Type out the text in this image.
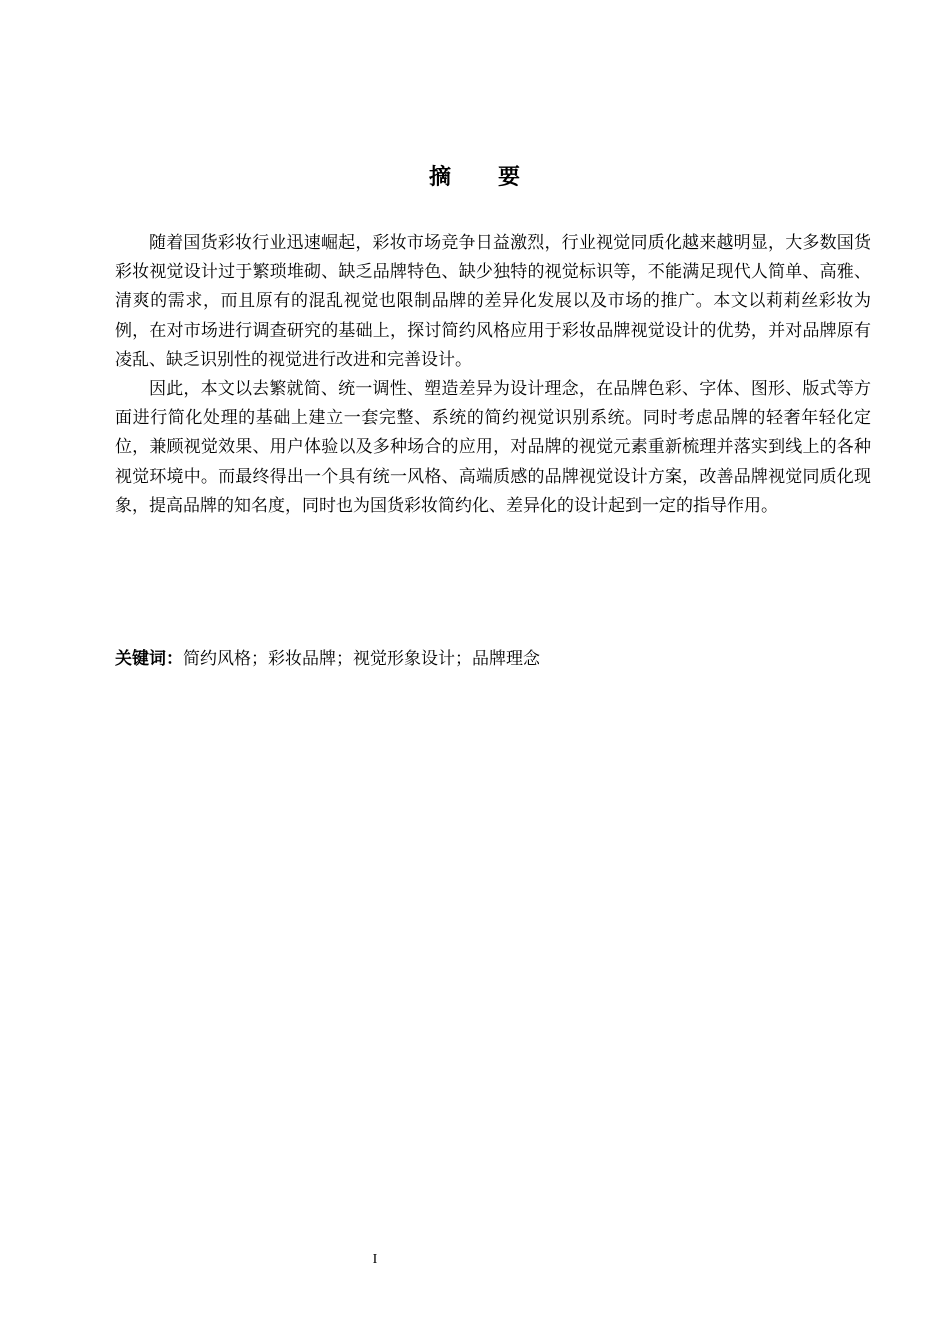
摘 要

随着国货彩妆行业迅速崛起，彩妆市场竞争日益激烈，行业视觉同质化越来越明显，大多数国货彩妆视觉设计过于繁琐堆砌、缺乏品牌特色、缺少独特的视觉标识等，不能满足现代人简单、高雅、清爽的需求，而且原有的混乱视觉也限制品牌的差异化发展以及市场的推广。本文以莉莉丝彩妆为例，在对市场进行调查研究的基础上，探讨简约风格应用于彩妆品牌视觉设计的优势，并对品牌原有凌乱、缺乏识别性的视觉进行改进和完善设计。

因此，本文以去繁就简、统一调性、塑造差异为设计理念，在品牌色彩、字体、图形、版式等方面进行简化处理的基础上建立一套完整、系统的简约视觉识别系统。同时考虑品牌的轻奢年轻化定位，兼顾视觉效果、用户体验以及多种场合的应用，对品牌的视觉元素重新梳理并落实到线上的各种视觉环境中。而最终得出一个具有统一风格、高端质感的品牌视觉设计方案，改善品牌视觉同质化现象，提高品牌的知名度，同时也为国货彩妆简约化、差异化的设计起到一定的指导作用。

关键词：简约风格；彩妆品牌；视觉形象设计；品牌理念
I
